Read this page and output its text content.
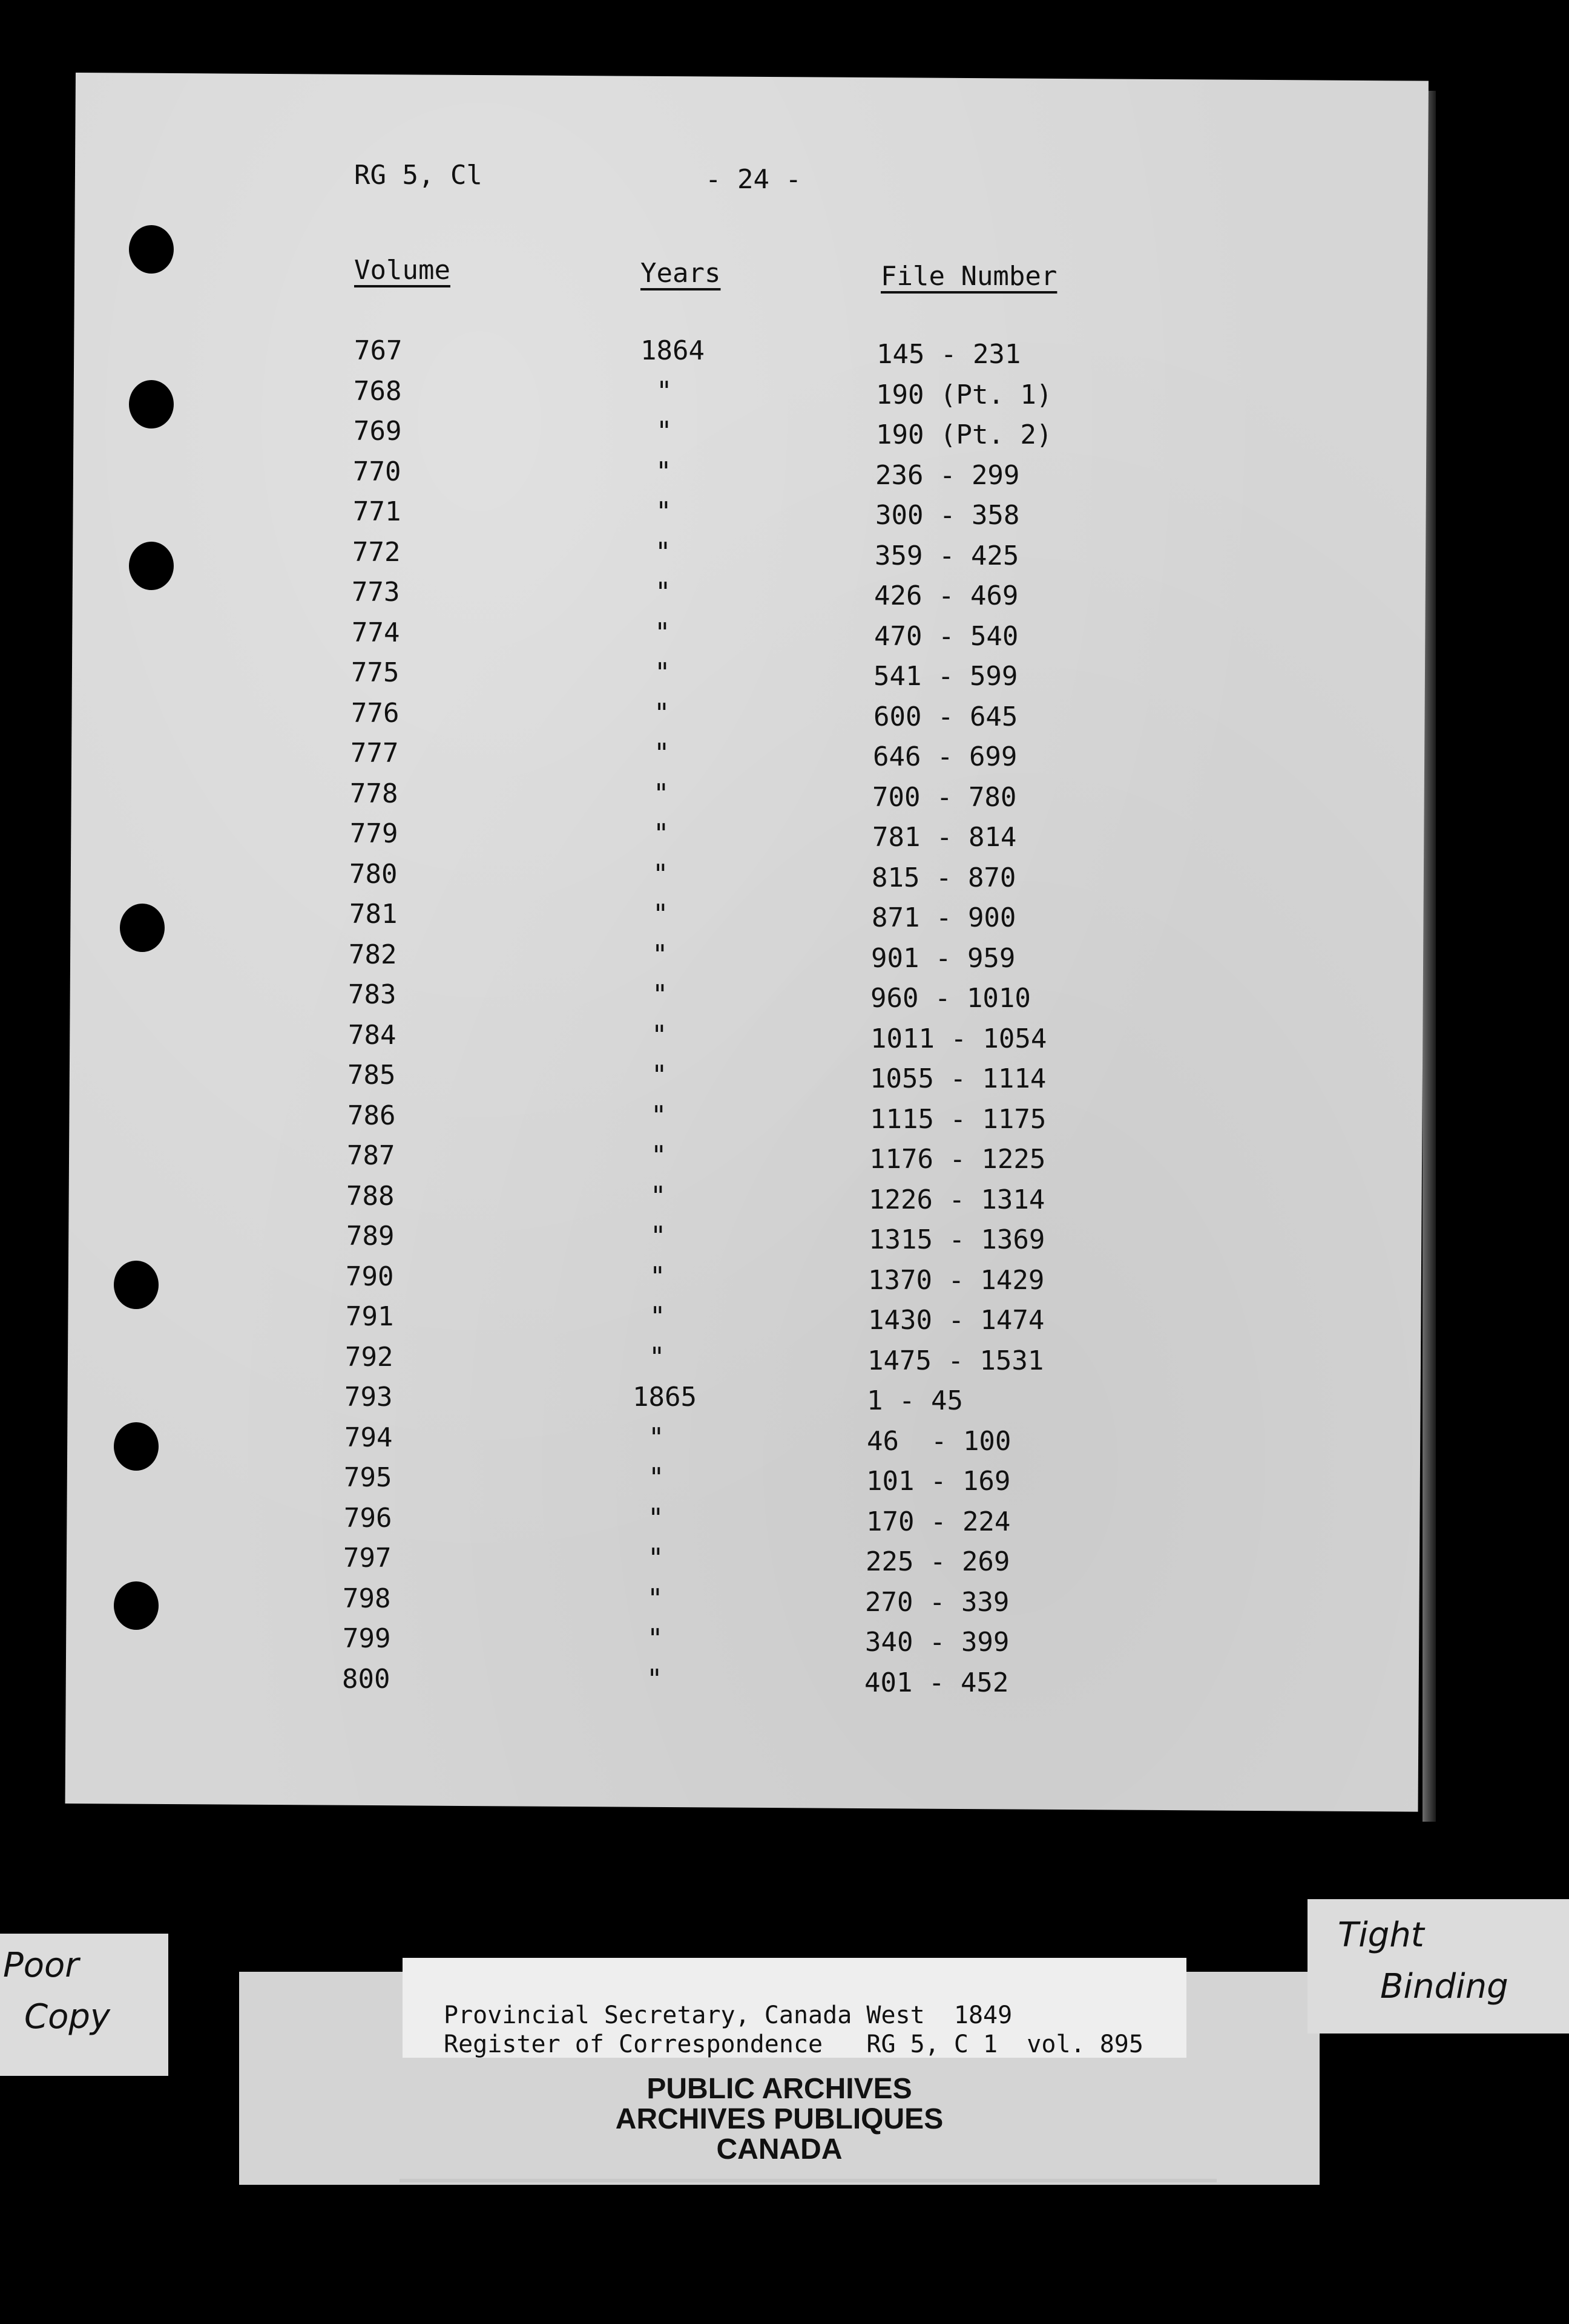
RG 5, Cl	- 24 -
Volume	Years	File Number
767	1864	145 - 231
768	"	190 (Pt. 1)
769	"	190 (Pt. 2)
770	"	236 - 299
771	"	300 - 358
772	"	359 - 425
773	"	426 - 469
774	"	470 - 540
775	"	541 - 599
776	"	600 - 645
777	"	646 - 699
778	"	700 - 780
779	"	781 - 814
780	"	815 - 870
781	"	871 - 900
782	"	901 - 959
783	"	960 - 1010
784	"	1011 - 1054
785	"	1055 - 1114
786	"	1115 - 1175
787	"	1176 - 1225
788	"	1226 - 1314
789	"	1315 - 1369
790	"	1370 - 1429
791	"	1430 - 1474
792	"	1475 - 1531
793	1865	1 - 45
794	"	46  - 100
795	"	101 - 169
796	"	170 - 224
797	"	225 - 269
798	"	270 - 339
799	"	340 - 399
800	"	401 - 452
Provincial Secretary, Canada West  1849
Register of Correspondence   RG 5, C 1  vol. 895
PUBLIC ARCHIVES
ARCHIVES PUBLIQUES
CANADA
Poor
Copy
Tight
Binding
